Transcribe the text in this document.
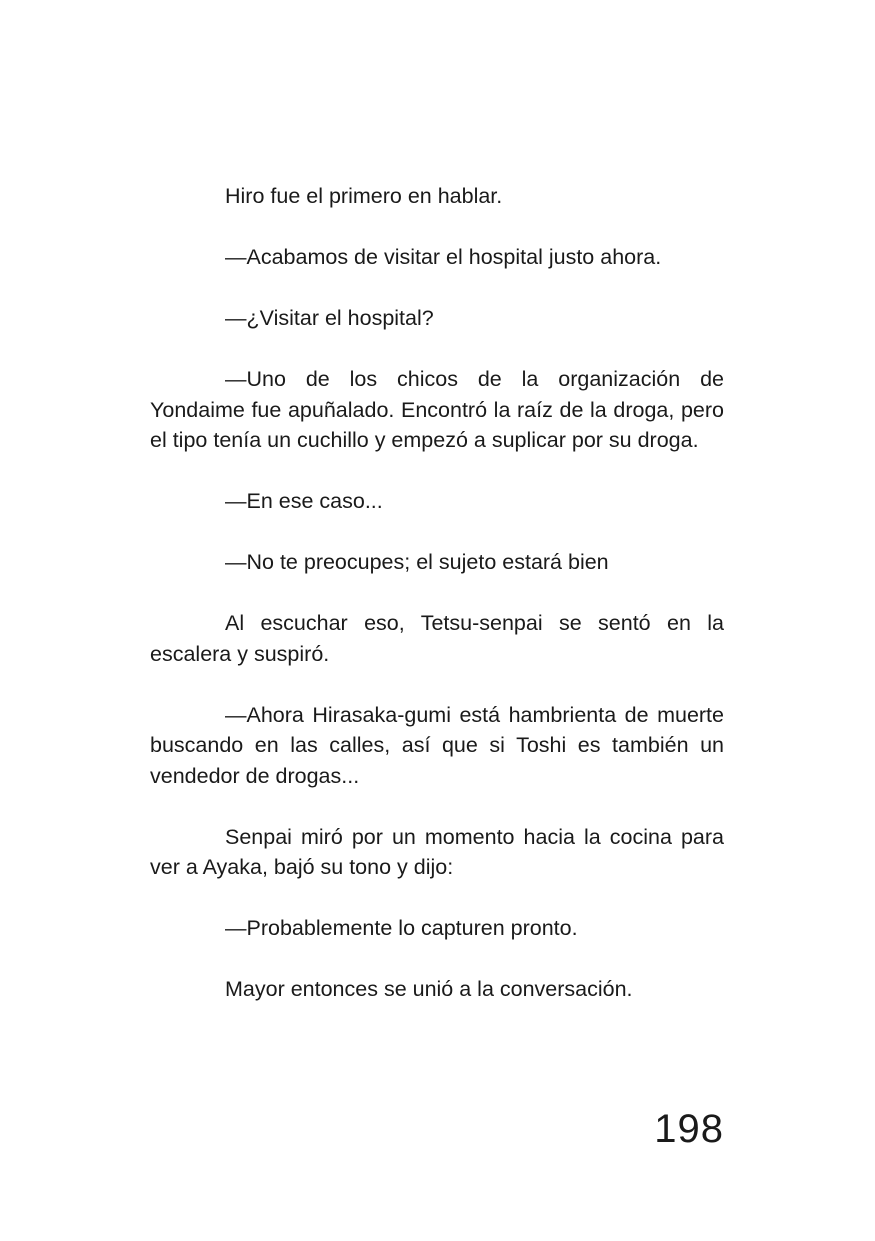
Hiro fue el primero en hablar.

—Acabamos de visitar el hospital justo ahora.

—¿Visitar el hospital?

—Uno de los chicos de la organización de Yondaime fue apuñalado. Encontró la raíz de la droga, pero el tipo tenía un cuchillo y empezó a suplicar por su droga.

—En ese caso...

—No te preocupes; el sujeto estará bien

Al escuchar eso, Tetsu-senpai se sentó en la escalera y suspiró.

—Ahora Hirasaka-gumi está hambrienta de muerte buscando en las calles, así que si Toshi es también un vendedor de drogas...

Senpai miró por un momento hacia la cocina para ver a Ayaka, bajó su tono y dijo:

—Probablemente lo capturen pronto.

Mayor entonces se unió a la conversación.

198
